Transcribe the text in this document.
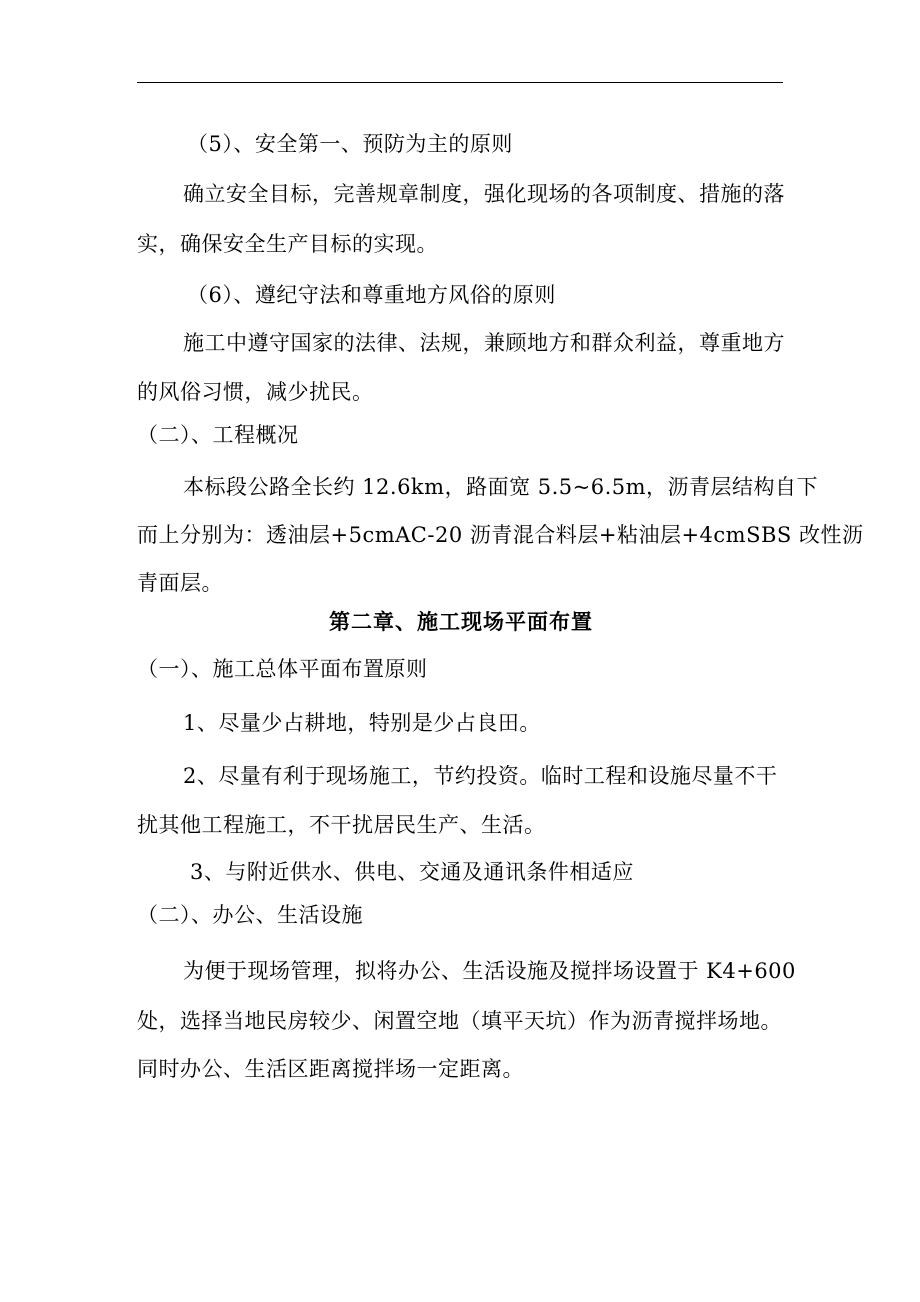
（5）、安全第一、预防为主的原则
确立安全目标，完善规章制度，强化现场的各项制度、措施的落
实，确保安全生产目标的实现。
（6）、遵纪守法和尊重地方风俗的原则
施工中遵守国家的法律、法规，兼顾地方和群众利益，尊重地方
的风俗习惯，减少扰民。
（二）、工程概况
本标段公路全长约 12.6km，路面宽 5.5~6.5m，沥青层结构自下
而上分别为：透油层+5cmAC-20 沥青混合料层+粘油层+4cmSBS 改性沥
青面层。
第二章、施工现场平面布置
（一）、施工总体平面布置原则
1、尽量少占耕地，特别是少占良田。
2、尽量有利于现场施工，节约投资。临时工程和设施尽量不干
扰其他工程施工，不干扰居民生产、生活。
3、与附近供水、供电、交通及通讯条件相适应
（二）、办公、生活设施
为便于现场管理，拟将办公、生活设施及搅拌场设置于 K4+600
处，选择当地民房较少、闲置空地（填平天坑）作为沥青搅拌场地。
同时办公、生活区距离搅拌场一定距离。
